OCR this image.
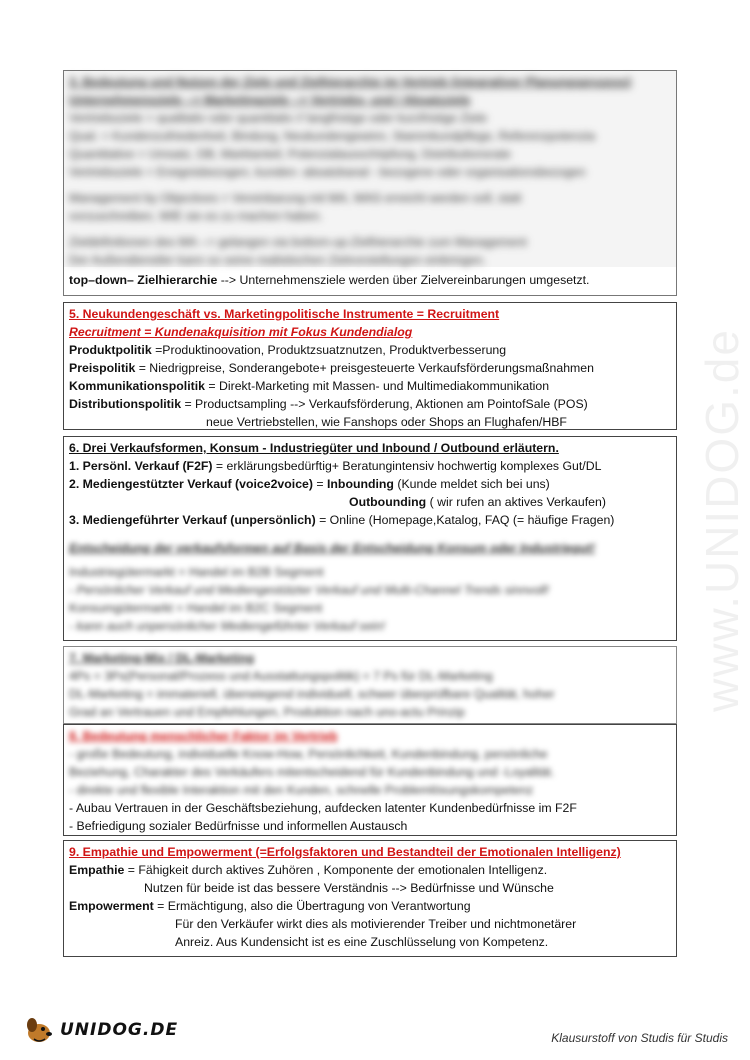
www.UNIDOG.de
3. Bedeutung und Nutzen der Ziele und Zielhierarchie im Vertrieb (integrativer Planungsprozess)
Unternehmensziele --> Marketingziele --> Vertriebs- und / Absatzziele
Vertriebsziele = qualitativ oder quantitativ // langfristige oder kurzfristige Ziele
Qual. = Kundenzufriedenheit, Bindung, Neukundengewinn, Stammkundpflege, Referenzpotenzia
Quantitative = Umsatz, DB, Marktanteil, Potenzialausschöpfung, Distributionsrate
Vertriebsziele = Ereignisbezogen, kunden- absatzkanal - bezogene oder organisationsbezogen
Management by Objectives = Vereinbarung mit MA, WAS erreicht werden soll, statt
vorzuschreiben, WIE sie es zu machen haben.
Zieldefinitionen des MA --> gelangen via bottom-up-Zielhierarchie zum Management
Der Außendienstler kann so seine realistischen Zielvorstellungen einbringen.
top–down– Zielhierarchie --> Unternehmensziele werden über Zielvereinbarungen umgesetzt.
5. Neukundengeschäft vs. Marketingpolitische Instrumente = Recruitment
Recruitment = Kundenakquisition mit Fokus Kundendialog
Produktpolitik =Produktinoovation, Produktzsuatznutzen, Produktverbesserung
Preispolitik = Niedrigpreise, Sonderangebote+ preisgesteuerte Verkaufsförderungsmaßnahmen
Kommunikationspolitik = Direkt-Marketing mit Massen- und Multimediakommunikation
Distributionspolitik = Productsampling --> Verkaufsförderung, Aktionen am PointofSale (POS)
neue Vertriebstellen, wie Fanshops oder Shops an Flughafen/HBF
6. Drei Verkaufsformen, Konsum - Industriegüter und Inbound / Outbound erläutern.
1. Persönl. Verkauf (F2F) = erklärungsbedürftig+ Beratungintensiv hochwertig komplexes Gut/DL
2. Mediengestützter Verkauf (voice2voice) = Inbounding (Kunde meldet sich bei uns)
Outbounding ( wir rufen an aktives Verkaufen)
3. Mediengeführter Verkauf (unpersönlich) = Online (Homepage,Katalog, FAQ (= häufige Fragen)
Entscheidung der verkaufsformen auf Basis der Entscheidung Konsum oder Industriegut!
Industriegütermarkt = Handel im B2B Segment
- Persönlicher Verkauf und Mediengestützter Verkauf und Multi-Channel Trends sinnvoll!
Konsumgütermarkt = Handel im B2C Segment
- kann auch unpersönlicher Mediengeführter Verkauf sein!
7. Marketing-Mix / DL-Marketing
4Ps = 3Ps(Personal/Prozess und Ausstattungspolitik) = 7 Ps für DL-Marketing
DL-Marketing = immateriell, überwiegend individuell, schwer überprüfbare Qualität, hoher
Grad an Vertrauen und Empfehlungen, Produktion nach uno-actu Prinzip
8. Bedeutung menschlicher Faktor im Vertrieb
- große Bedeutung, individuelle Know-How, Persönlichkeit, Kundenbindung, persönliche
Beziehung, Charakter des Verkäufers mitentscheidend für Kundenbindung und -Loyalität.
- direkte und flexible Interaktion mit den Kunden, schnelle Problemlösungskompetenz
- Aubau Vertrauen in der Geschäftsbeziehung, aufdecken latenter Kundenbedürfnisse im F2F
- Befriedigung sozialer Bedürfnisse und informellen Austausch
9. Empathie und Empowerment (=Erfolgsfaktoren und Bestandteil der Emotionalen Intelligenz)
Empathie = Fähigkeit durch aktives Zuhören , Komponente der emotionalen Intelligenz.
Nutzen für beide ist das bessere Verständnis --> Bedürfnisse und Wünsche
Empowerment = Ermächtigung, also die Übertragung von Verantwortung
Für den Verkäufer wirkt dies als motivierender Treiber und nichtmonetärer
Anreiz. Aus Kundensicht ist es eine Zuschlüsselung von Kompetenz.
UNIDOG.DE	Klausurstoff von Studis für Studis
